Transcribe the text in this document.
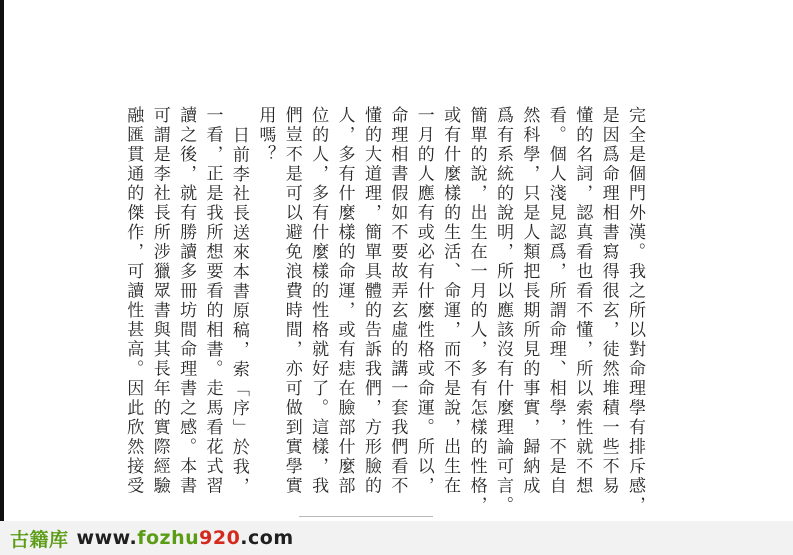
完全是個門外漢。我之所以對命理學有排斥感，
是因爲命理相書寫得很玄，徒然堆積一些不易
懂的名詞，認真看也看不懂，所以索性就不想
看。個人淺見認爲，所謂命理、相學，不是自
然科學，只是人類把長期所見的事實，歸納成
爲有系統的說明，所以應該沒有什麼理論可言。
簡單的說，出生在一月的人，多有怎樣的性格，
或有什麼樣的生活、命運，而不是說，出生在
一月的人應有或必有什麼性格或命運。所以，
命理相書假如不要故弄玄虛的講一套我們看不
懂的大道理，簡單具體的告訴我們，方形臉的
人，多有什麼樣的命運，或有痣在臉部什麼部
位的人，多有什麼樣的性格就好了。這樣，我
們豈不是可以避免浪費時間，亦可做到實學實
用嗎？
日前李社長送來本書原稿，索「序」於我，
一看，正是我所想要看的相書。走馬看花式習
讀之後，就有勝讀多冊坊間命理書之感。本書
可謂是李社長所涉獵眾書與其長年的實際經驗
融匯貫通的傑作，可讀性甚高。因此欣然接受
古籍库 www. fozhu 920 .com
